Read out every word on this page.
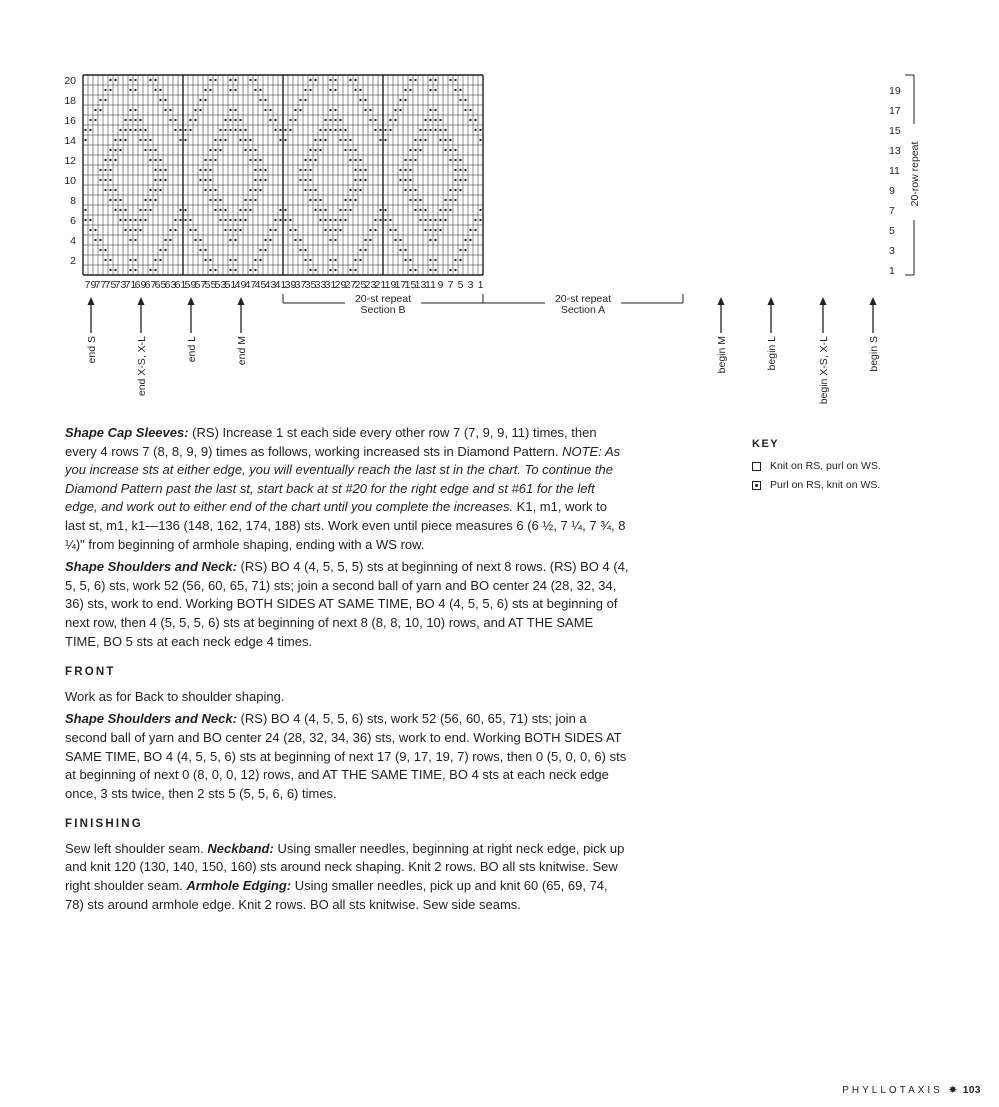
20
18
16
14
12
10
8
6
4
2
19
17
15
13
11
9
7
5
3
1
79
77
75
73
71
69
67
65
63
61
59
57
55
53
51
49
47
45
43
41
39
37
35
33
31
29
27
25
23
21
19
17
15
13
11 9 7 5 3 1
20-row repeat
20-st repeat
Section B
20-st repeat
Section A
end S	end X-S, X-L	end L	end M	begin M	begin L	begin X-S, X-L	begin S

Shape Cap Sleeves: (RS) Increase 1 st each side every other row 7 (7, 9, 9, 11) times, then every 4 rows 7 (8, 8, 9, 9) times as follows, working increased sts in Diamond Pattern. NOTE: As you increase sts at either edge, you will eventually reach the last st in the chart. To continue the Diamond Pattern past the last st, start back at st #20 for the right edge and st #61 for the left edge, and work out to either end of the chart until you complete the increases. K1, m1, work to last st, m1, k1—136 (148, 162, 174, 188) sts. Work even until piece measures 6 (6 ½, 7 ¼, 7 ¾, 8 ¼)" from beginning of armhole shaping, ending with a WS row.

Shape Shoulders and Neck: (RS) BO 4 (4, 5, 5, 5) sts at beginning of next 8 rows. (RS) BO 4 (4, 5, 5, 6) sts, work 52 (56, 60, 65, 71) sts; join a second ball of yarn and BO center 24 (28, 32, 34, 36) sts, work to end. Working BOTH SIDES AT SAME TIME, BO 4 (4, 5, 5, 6) sts at beginning of next row, then 4 (5, 5, 5, 6) sts at beginning of next 8 (8, 8, 10, 10) rows, and AT THE SAME TIME, BO 5 sts at each neck edge 4 times.

FRONT

Work as for Back to shoulder shaping.

Shape Shoulders and Neck: (RS) BO 4 (4, 5, 5, 6) sts, work 52 (56, 60, 65, 71) sts; join a second ball of yarn and BO center 24 (28, 32, 34, 36) sts, work to end. Working BOTH SIDES AT SAME TIME, BO 4 (4, 5, 5, 6) sts at beginning of next 17 (9, 17, 19, 7) rows, then 0 (5, 0, 0, 6) sts at beginning of next 0 (8, 0, 0, 12) rows, and AT THE SAME TIME, BO 4 sts at each neck edge once, 3 sts twice, then 2 sts 5 (5, 5, 6, 6) times.

FINISHING

Sew left shoulder seam. Neckband: Using smaller needles, beginning at right neck edge, pick up and knit 120 (130, 140, 150, 160) sts around neck shaping. Knit 2 rows. BO all sts knitwise. Sew right shoulder seam. Armhole Edging: Using smaller needles, pick up and knit 60 (65, 69, 74, 78) sts around armhole edge. Knit 2 rows. BO all sts knitwise. Sew side seams.

KEY
Knit on RS, purl on WS.
Purl on RS, knit on WS.
PHYLLOTAXIS ✸ 103
